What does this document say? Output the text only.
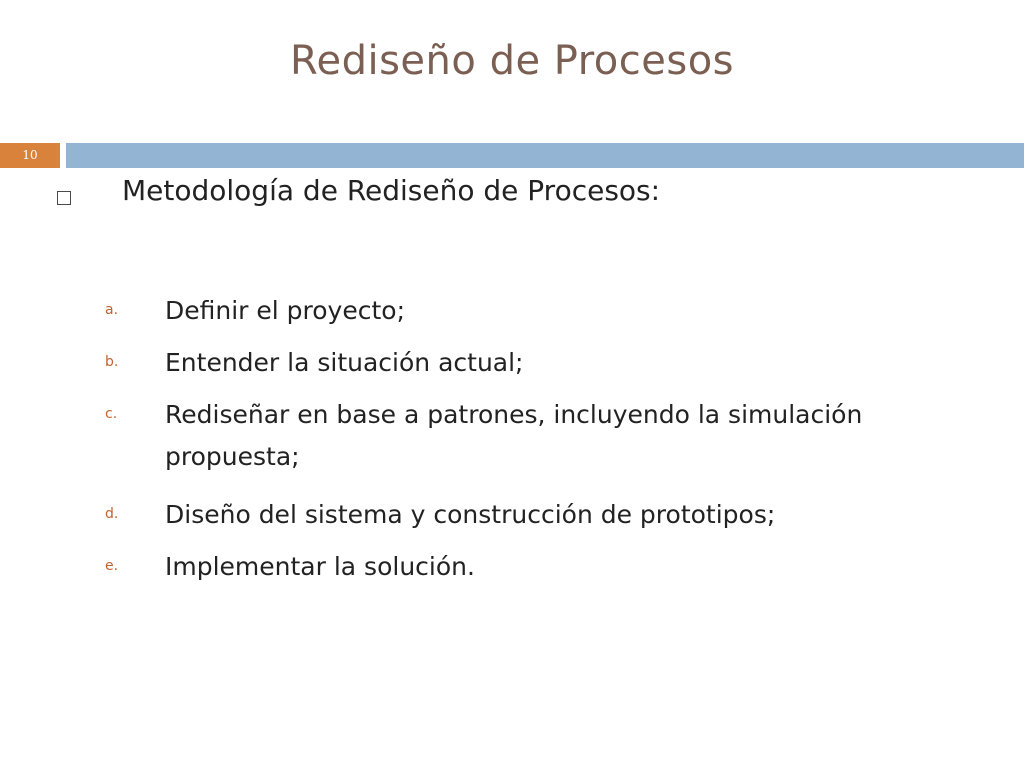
Rediseño de Procesos
10
Metodología de Rediseño de Procesos:
a. Definir el proyecto;
b. Entender la situación actual;
c. Rediseñar en base a patrones, incluyendo la simulación propuesta;
d. Diseño del sistema y construcción de prototipos;
e. Implementar la solución.
